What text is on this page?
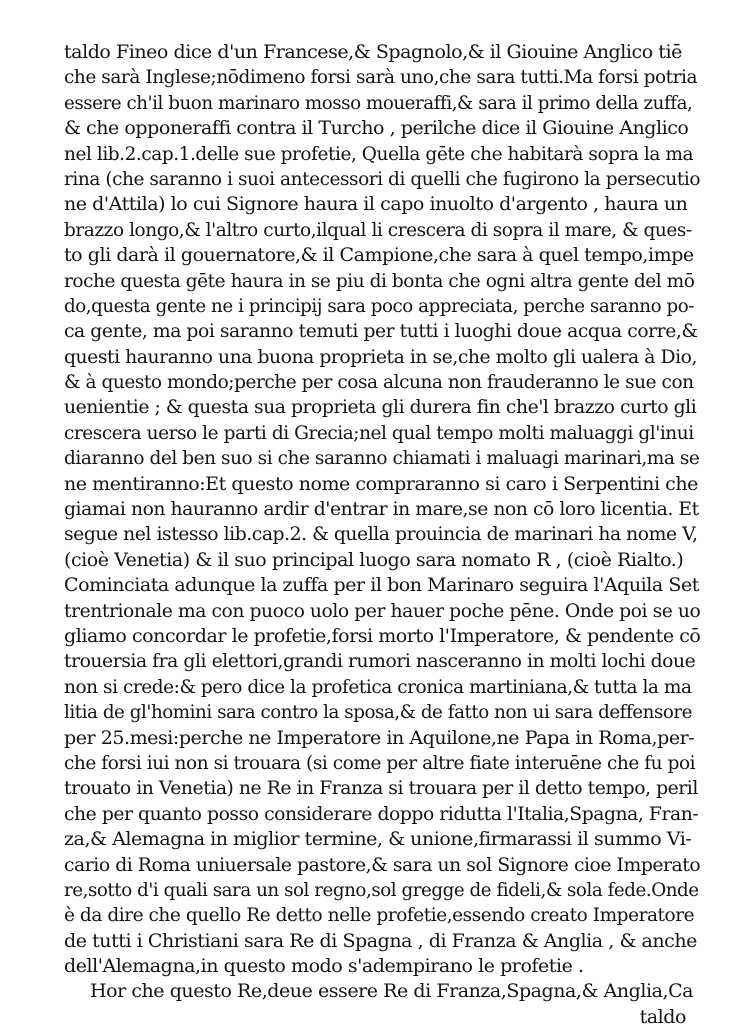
taldo Fineo dice d'un Francese,& Spagnolo,& il Giouine Anglico tiē
che sarà Inglese;nōdimeno forsi sarà uno,che sara tutti.Ma forsi potria
essere ch'il buon marinaro mosso moueraffi,& sara il primo della zuffa,
& che opponeraffi contra il Turcho , perilche dice il Giouine Anglico
nel lib.2.cap.1.delle sue profetie, Quella gēte che habitarà sopra la ma
rina (che saranno i suoi antecessori di quelli che fugirono la persecutio
ne d'Attila) lo cui Signore haura il capo inuolto d'argento , haura un
brazzo longo,& l'altro curto,ilqual li crescera di sopra il mare, & ques-
to gli darà il gouernatore,& il Campione,che sara à quel tempo,impe
roche questa gēte haura in se piu di bonta che ogni altra gente del mō
do,questa gente ne i principij sara poco appreciata, perche saranno po-
ca gente, ma poi saranno temuti per tutti i luoghi doue acqua corre,&
questi hauranno una buona proprieta in se,che molto gli ualera à Dio,
& à questo mondo;perche per cosa alcuna non frauderanno le sue con
uenientie ; & questa sua proprieta gli durera fin che'l brazzo curto gli
crescera uerso le parti di Grecia;nel qual tempo molti maluaggi gl'inui
diaranno del ben suo si che saranno chiamati i maluagi marinari,ma se
ne mentiranno:Et questo nome compraranno si caro i Serpentini che
giamai non hauranno ardir d'entrar in mare,se non cō loro licentia. Et
segue nel istesso lib.cap.2. & quella prouincia de marinari ha nome V,
(cioè Venetia) & il suo principal luogo sara nomato R , (cioè Rialto.)
Cominciata adunque la zuffa per il bon Marinaro seguira l'Aquila Set
trentrionale ma con puoco uolo per hauer poche pēne. Onde poi se uo
gliamo concordar le profetie,forsi morto l'Imperatore, & pendente cō
trouersia fra gli elettori,grandi rumori nasceranno in molti lochi doue
non si crede:& pero dice la profetica cronica martiniana,& tutta la ma
litia de gl'homini sara contro la sposa,& de fatto non ui sara deffensore
per 25.mesi:perche ne Imperatore in Aquilone,ne Papa in Roma,per-
che forsi iui non si trouara (si come per altre fiate interuēne che fu poi
trouato in Venetia) ne Re in Franza si trouara per il detto tempo, peril
che per quanto posso considerare doppo ridutta l'Italia,Spagna, Fran-
za,& Alemagna in miglior termine, & unione,firmarassi il summo Vi-
cario di Roma uniuersale pastore,& sara un sol Signore cioe Imperato
re,sotto d'i quali sara un sol regno,sol gregge de fideli,& sola fede.Onde
è da dire che quello Re detto nelle profetie,essendo creato Imperatore
de tutti i Christiani sara Re di Spagna , di Franza & Anglia , & anche
dell'Alemagna,in questo modo s'adempirano le profetie .
Hor che questo Re,deue essere Re di Franza,Spagna,& Anglia,Ca
taldo
